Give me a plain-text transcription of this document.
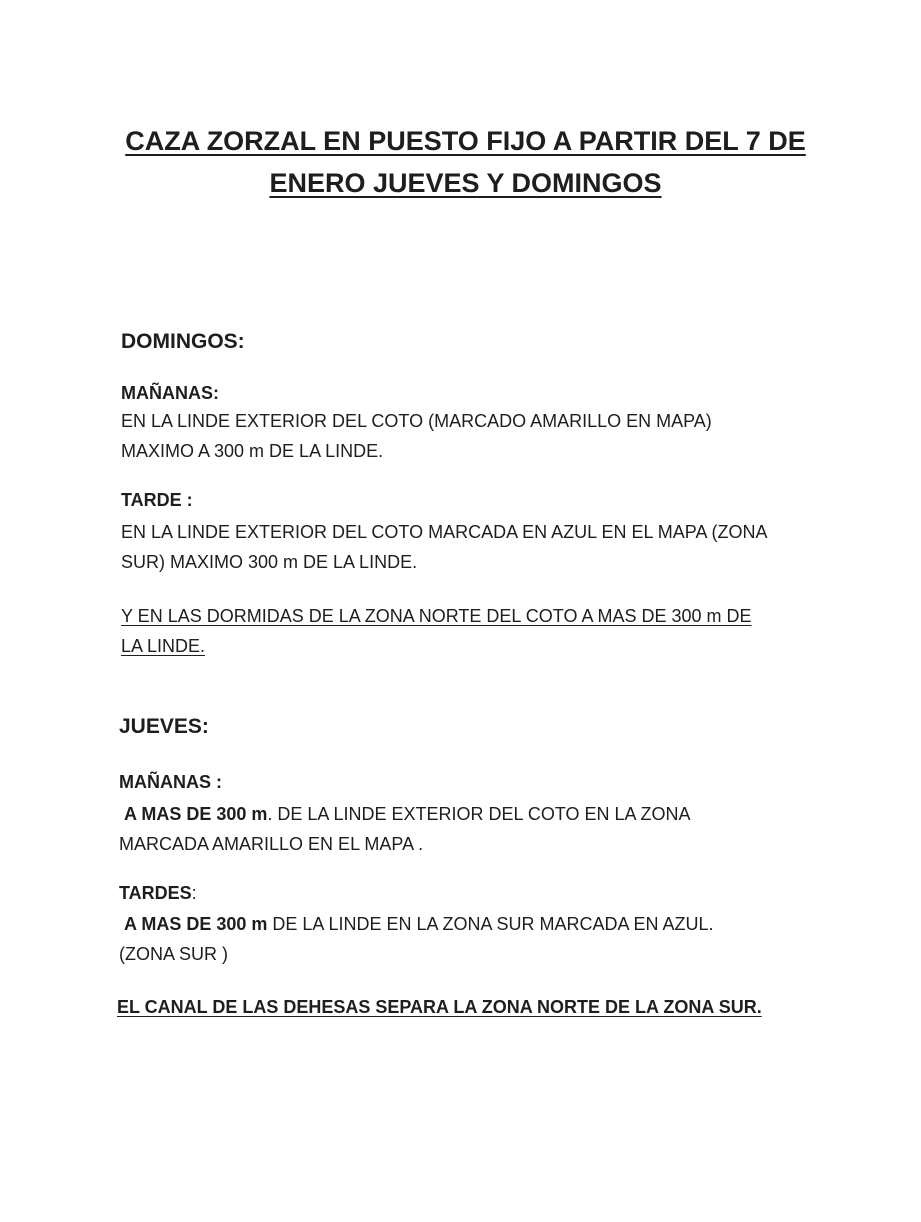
CAZA ZORZAL EN PUESTO FIJO A PARTIR DEL 7 DE
ENERO JUEVES Y DOMINGOS
DOMINGOS:
MAÑANAS:
EN LA LINDE EXTERIOR DEL COTO (MARCADO AMARILLO EN MAPA)
MAXIMO A 300 m DE LA LINDE.
TARDE :
EN LA LINDE EXTERIOR DEL COTO MARCADA EN AZUL EN EL MAPA (ZONA
SUR) MAXIMO 300 m DE LA LINDE.
Y EN LAS DORMIDAS DE LA ZONA NORTE DEL COTO A MAS DE 300 m DE
LA LINDE.
JUEVES:
MAÑANAS :
A MAS DE 300 m. DE LA LINDE EXTERIOR DEL COTO EN LA ZONA
MARCADA AMARILLO EN EL MAPA .
TARDES:
A MAS DE 300 m DE LA LINDE EN LA ZONA SUR MARCADA EN AZUL.
(ZONA SUR )
EL CANAL DE LAS DEHESAS SEPARA LA ZONA NORTE DE LA ZONA SUR.
